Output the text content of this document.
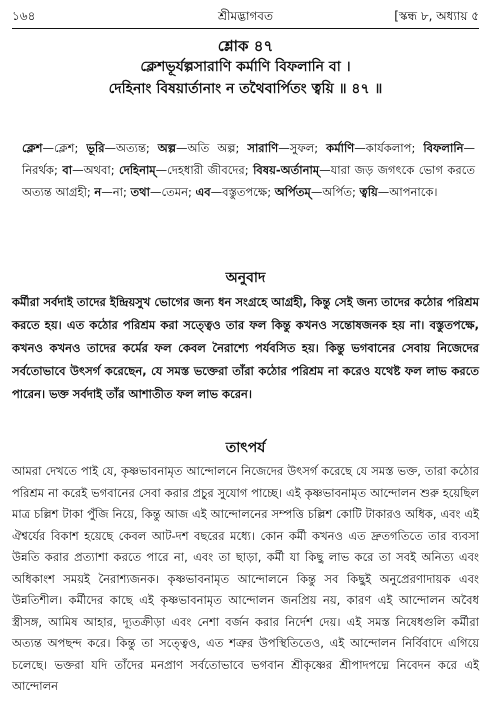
১৬৪	শ্রীমদ্ভাগবত	[স্কন্ধ ৮, অধ্যায় ৫
শ্লোক ৪৭
ক্লেশভূর্যল্পসারাণি কর্মাণি বিফলানি বা ।
দেহিনাং বিষয়ার্তানাং ন তথৈবার্পিতং ত্বয়ি ॥ ৪৭ ॥
ক্লেশ—ক্লেশ; ভূরি—অত্যন্ত; অল্প—অতি অল্প; সারাণি—সুফল; কর্মাণি—কার্যকলাপ; বিফলানি—নিরর্থক; বা—অথবা; দেহিনাম্—দেহধারী জীবদের; বিষয়-অর্তানাম্—যারা জড় জগৎকে ভোগ করতে অত্যন্ত আগ্রহী; ন—না; তথা—তেমন; এব—বস্তুতপক্ষে; অর্পিতম্—অর্পিত; ত্বয়ি—আপনাকে।
অনুবাদ
কর্মীরা সর্বদাই তাদের ইন্দ্রিয়সুখ ভোগের জন্য ধন সংগ্রহে আগ্রহী, কিন্তু সেই জন্য তাদের কঠোর পরিশ্রম করতে হয়। এত কঠোর পরিশ্রম করা সত্ত্বেও তার ফল কিন্তু কখনও সন্তোষজনক হয় না। বস্তুতপক্ষে, কখনও কখনও তাদের কর্মের ফল কেবল নৈরাশ্যে পর্যবসিত হয়। কিন্তু ভগবানের সেবায় নিজেদের সর্বতোভাবে উৎসর্গ করেছেন, যে সমস্ত ভক্তেরা তাঁরা কঠোর পরিশ্রম না করেও যথেষ্ট ফল লাভ করতে পারেন। ভক্ত সর্বদাই তাঁর আশাতীত ফল লাভ করেন।
তাৎপর্য
আমরা দেখতে পাই যে, কৃষ্ণভাবনামৃত আন্দোলনে নিজেদের উৎসর্গ করেছে যে সমস্ত ভক্ত, তারা কঠোর পরিশ্রম না করেই ভগবানের সেবা করার প্রচুর সুযোগ পাচ্ছে। এই কৃষ্ণভাবনামৃত আন্দোলন শুরু হয়েছিল মাত্র চল্লিশ টাকা পুঁজি নিয়ে, কিন্তু আজ এই আন্দোলনের সম্পত্তি চল্লিশ কোটি টাকারও অধিক, এবং এই ঐশ্বর্যের বিকাশ হয়েছে কেবল আট-দশ বছরের মধ্যে। কোন কর্মী কখনও এত দ্রুতগতিতে তার ব্যবসা উন্নতি করার প্রত্যাশা করতে পারে না, এবং তা ছাড়া, কর্মী যা কিছু লাভ করে তা সবই অনিত্য এবং অধিকাংশ সময়ই নৈরাশ্যজনক। কৃষ্ণভাবনামৃত আন্দোলনে কিন্তু সব কিছুই অনুপ্রেরণাদায়ক এবং উন্নতিশীল। কর্মীদের কাছে এই কৃষ্ণভাবনামৃত আন্দোলন জনপ্রিয় নয়, কারণ এই আন্দোলন অবৈধ স্ত্রীসঙ্গ, আমিষ আহার, দ্যূতক্রীড়া এবং নেশা বর্জন করার নির্দেশ দেয়। এই সমস্ত নিষেধগুলি কর্মীরা অত্যন্ত অপছন্দ করে। কিন্তু তা সত্ত্বেও, এত শত্রুর উপস্থিতিতেও, এই আন্দোলন নির্বিবাদে এগিয়ে চলেছে। ভক্তরা যদি তাঁদের মনপ্রাণ সর্বতোভাবে ভগবান শ্রীকৃষ্ণের শ্রীপাদপদ্মে নিবেদন করে এই আন্দোলন
